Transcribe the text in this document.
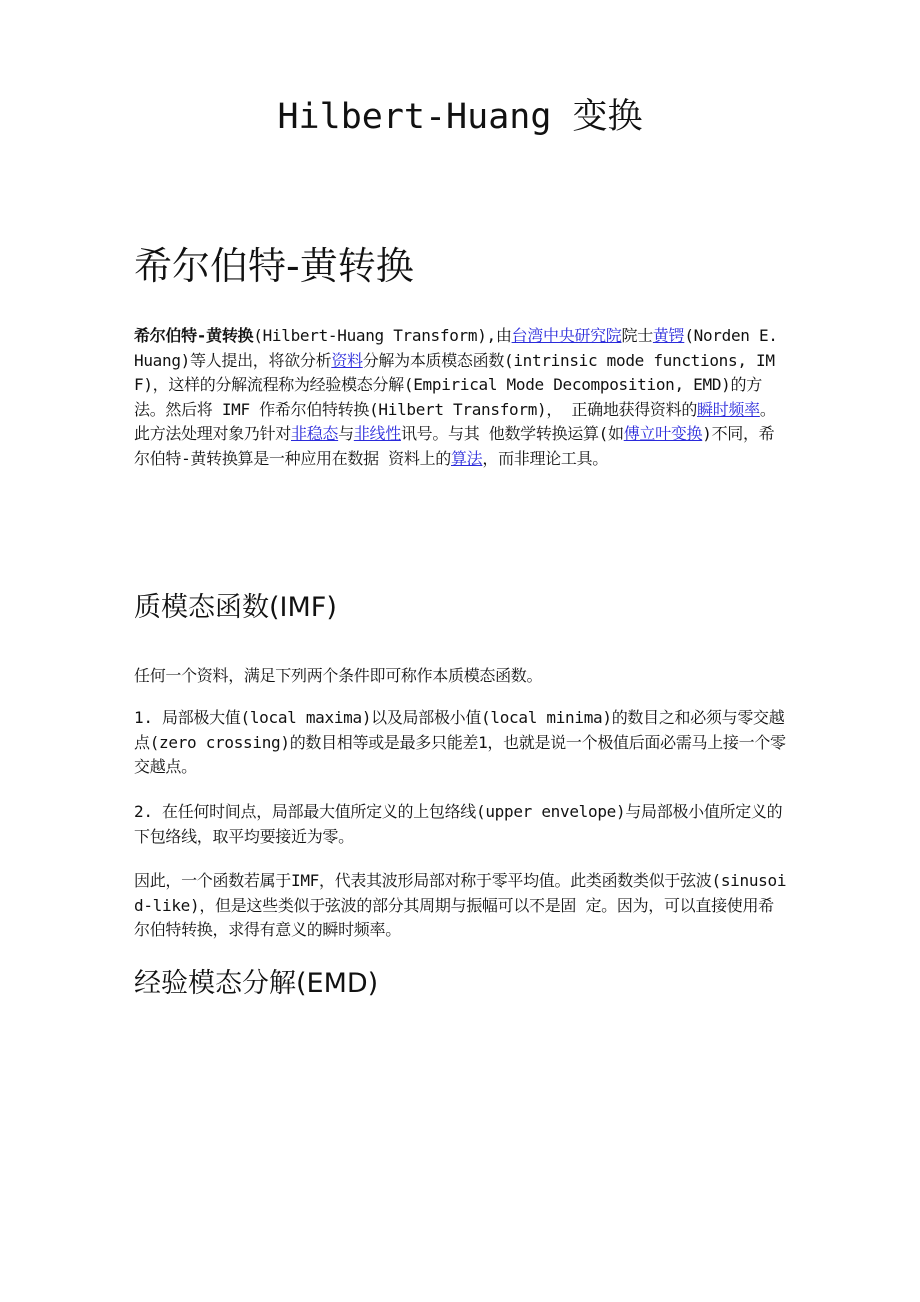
Hilbert-Huang 变换
希尔伯特-黄转换

希尔伯特-黄转换(Hilbert-Huang Transform),由台湾中央研究院院士黄锷(Norden E. Huang)等人提出，将欲分析资料分解为本质模态函数(intrinsic mode functions, IMF)，这样的分解流程称为经验模态分解(Empirical Mode Decomposition, EMD)的方法。然后将 IMF 作希尔伯特转换(Hilbert Transform)， 正确地获得资料的瞬时频率。此方法处理对象乃针对非稳态与非线性讯号。与其 他数学转换运算(如傅立叶变换)不同，希尔伯特-黄转换算是一种应用在数据 资料上的算法，而非理论工具。

质模态函数(IMF)

任何一个资料，满足下列两个条件即可称作本质模态函数。

1. 局部极大值(local maxima)以及局部极小值(local minima)的数目之和必须与零交越点(zero crossing)的数目相等或是最多只能差1，也就是说一个极值后面必需马上接一个零交越点。

2. 在任何时间点，局部最大值所定义的上包络线(upper envelope)与局部极小值所定义的下包络线，取平均要接近为零。

因此，一个函数若属于IMF，代表其波形局部对称于零平均值。此类函数类似于弦波(sinusoid-like)，但是这些类似于弦波的部分其周期与振幅可以不是固 定。因为，可以直接使用希尔伯特转换，求得有意义的瞬时频率。

经验模态分解(EMD)
